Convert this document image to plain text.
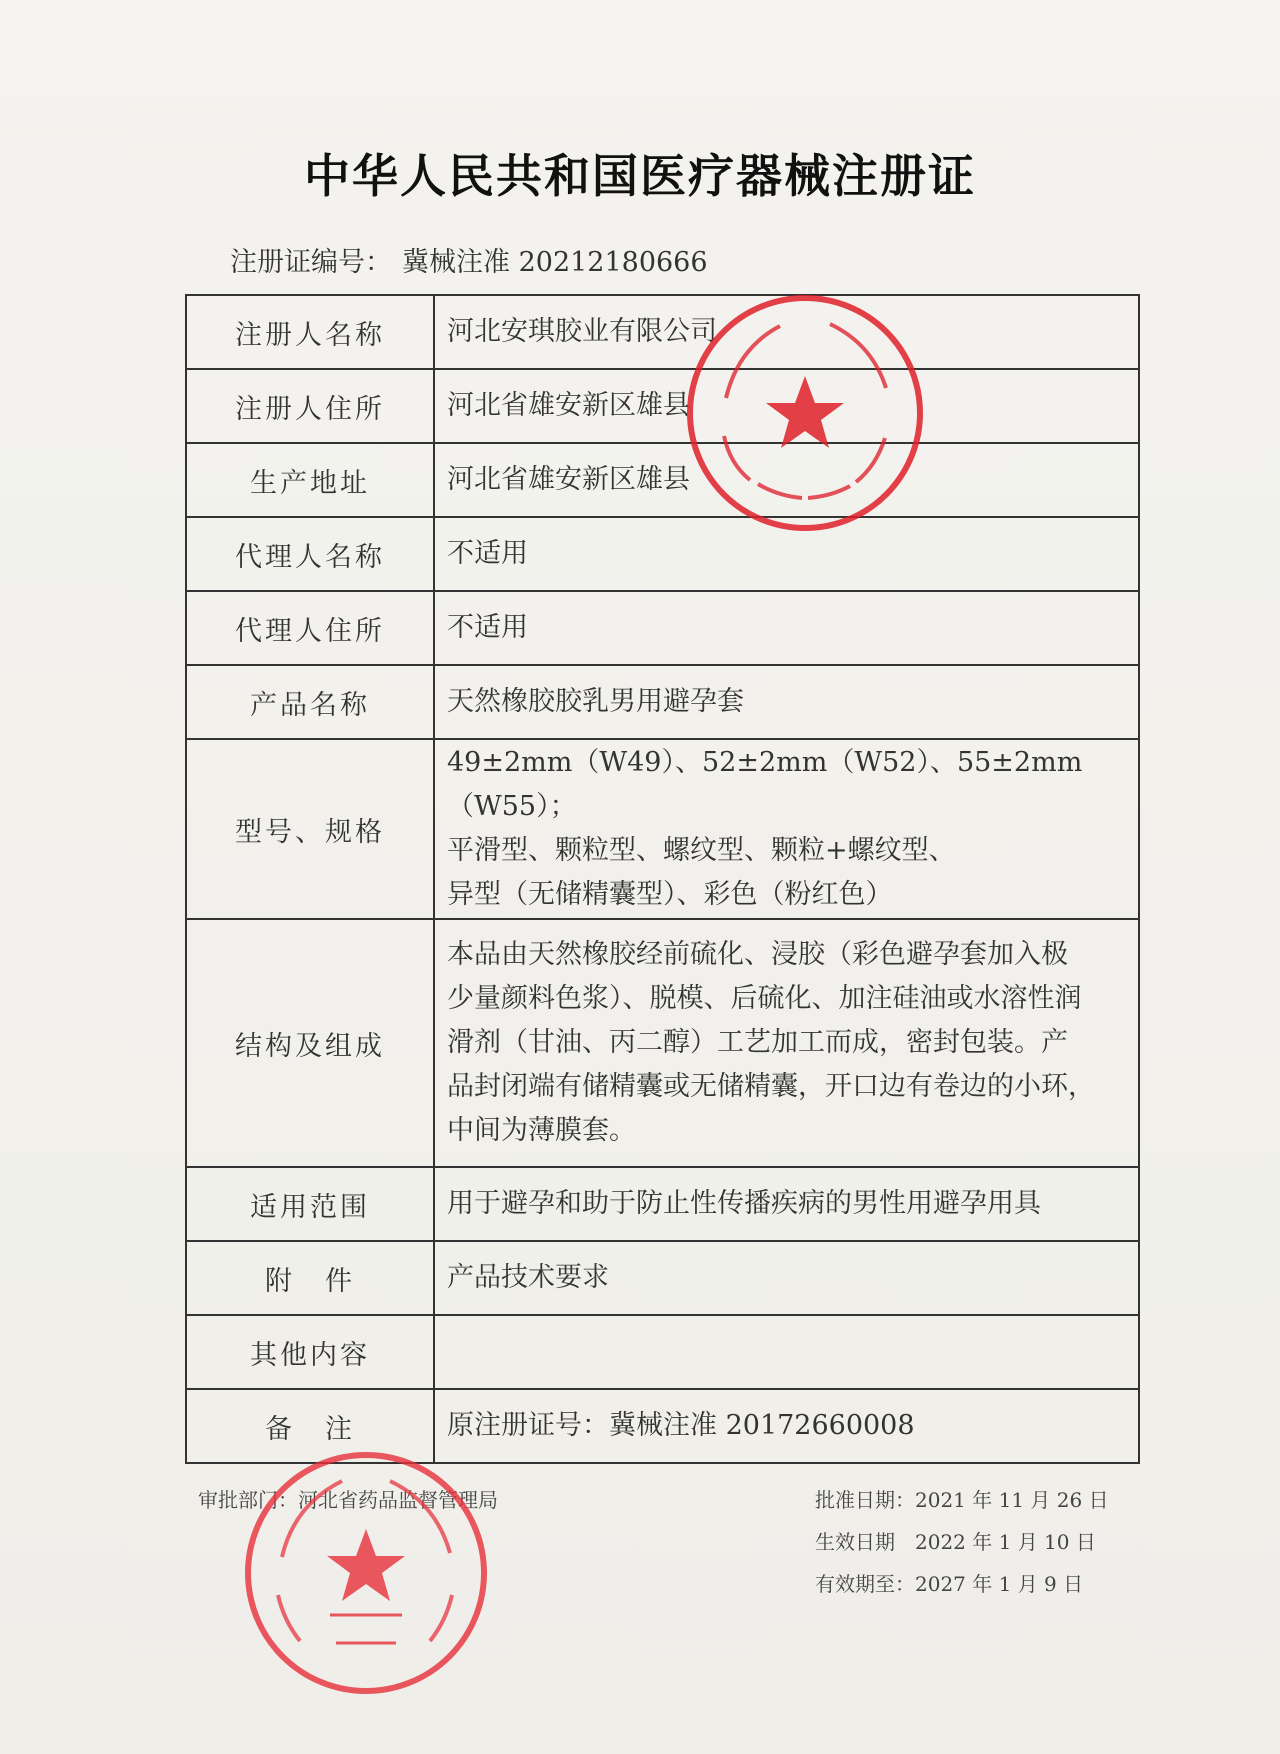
中华人民共和国医疗器械注册证
注册证编号： 冀械注准 20212180666
注册人名称	河北安琪胶业有限公司
注册人住所	河北省雄安新区雄县
生产地址	河北省雄安新区雄县
代理人名称	不适用
代理人住所	不适用
产品名称	天然橡胶胶乳男用避孕套
型号、规格	49±2mm（W49）、52±2mm（W52）、55±2mm（W55）；
平滑型、颗粒型、螺纹型、颗粒+螺纹型、
异型（无储精囊型）、彩色（粉红色）

结构及组成	本品由天然橡胶经前硫化、浸胶（彩色避孕套加入极
少量颜料色浆）、脱模、后硫化、加注硅油或水溶性润
滑剂（甘油、丙二醇）工艺加工而成，密封包装。产
品封闭端有储精囊或无储精囊，开口边有卷边的小环，
中间为薄膜套。

适用范围	用于避孕和助于防止性传播疾病的男性用避孕用具
附　件	产品技术要求
其他内容	
备　注	原注册证号：冀械注准 20172660008
审批部门：河北省药品监督管理局	批准日期：2021 年 11 月 26 日
生效日期　2022 年 1 月 10 日
有效期至：2027 年 1 月 9 日
